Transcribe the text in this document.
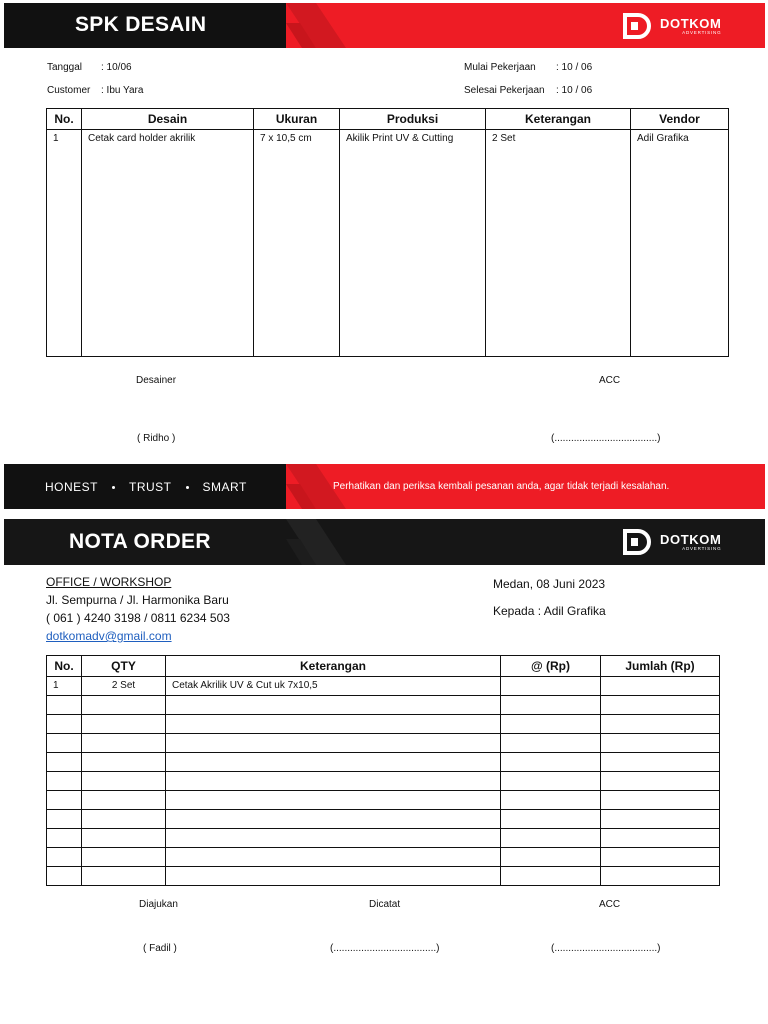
SPK DESAIN	DOTKOM
ADVERTISING
Tanggal : 10/06
Customer : Ibu Yara
Mulai Pekerjaan : 10 / 06
Selesai Pekerjaan : 10 / 06
No.	Desain	Ukuran	Produksi	Keterangan	Vendor
1	Cetak card holder akrilik	7 x 10,5 cm	Akilik Print UV & Cutting	2 Set	Adil Grafika
Desainer	ACC
( Ridho )	(.....................................)
HONEST	TRUST	SMART	Perhatikan dan periksa kembali pesanan anda, agar tidak terjadi kesalahan.
NOTA ORDER	DOTKOM
ADVERTISING
OFFICE / WORKSHOP
Jl. Sempurna / Jl. Harmonika Baru
( 061 ) 4240 3198 / 0811 6234 503
dotkomadv@gmail.com
Medan, 08 Juni 2023
Kepada : Adil Grafika
No.	QTY	Keterangan	@ (Rp)	Jumlah (Rp)
1	2 Set	Cetak Akrilik UV & Cut uk 7x10,5		

Diajukan	Dicatat	ACC
( Fadil )	(.....................................)	(.....................................)
